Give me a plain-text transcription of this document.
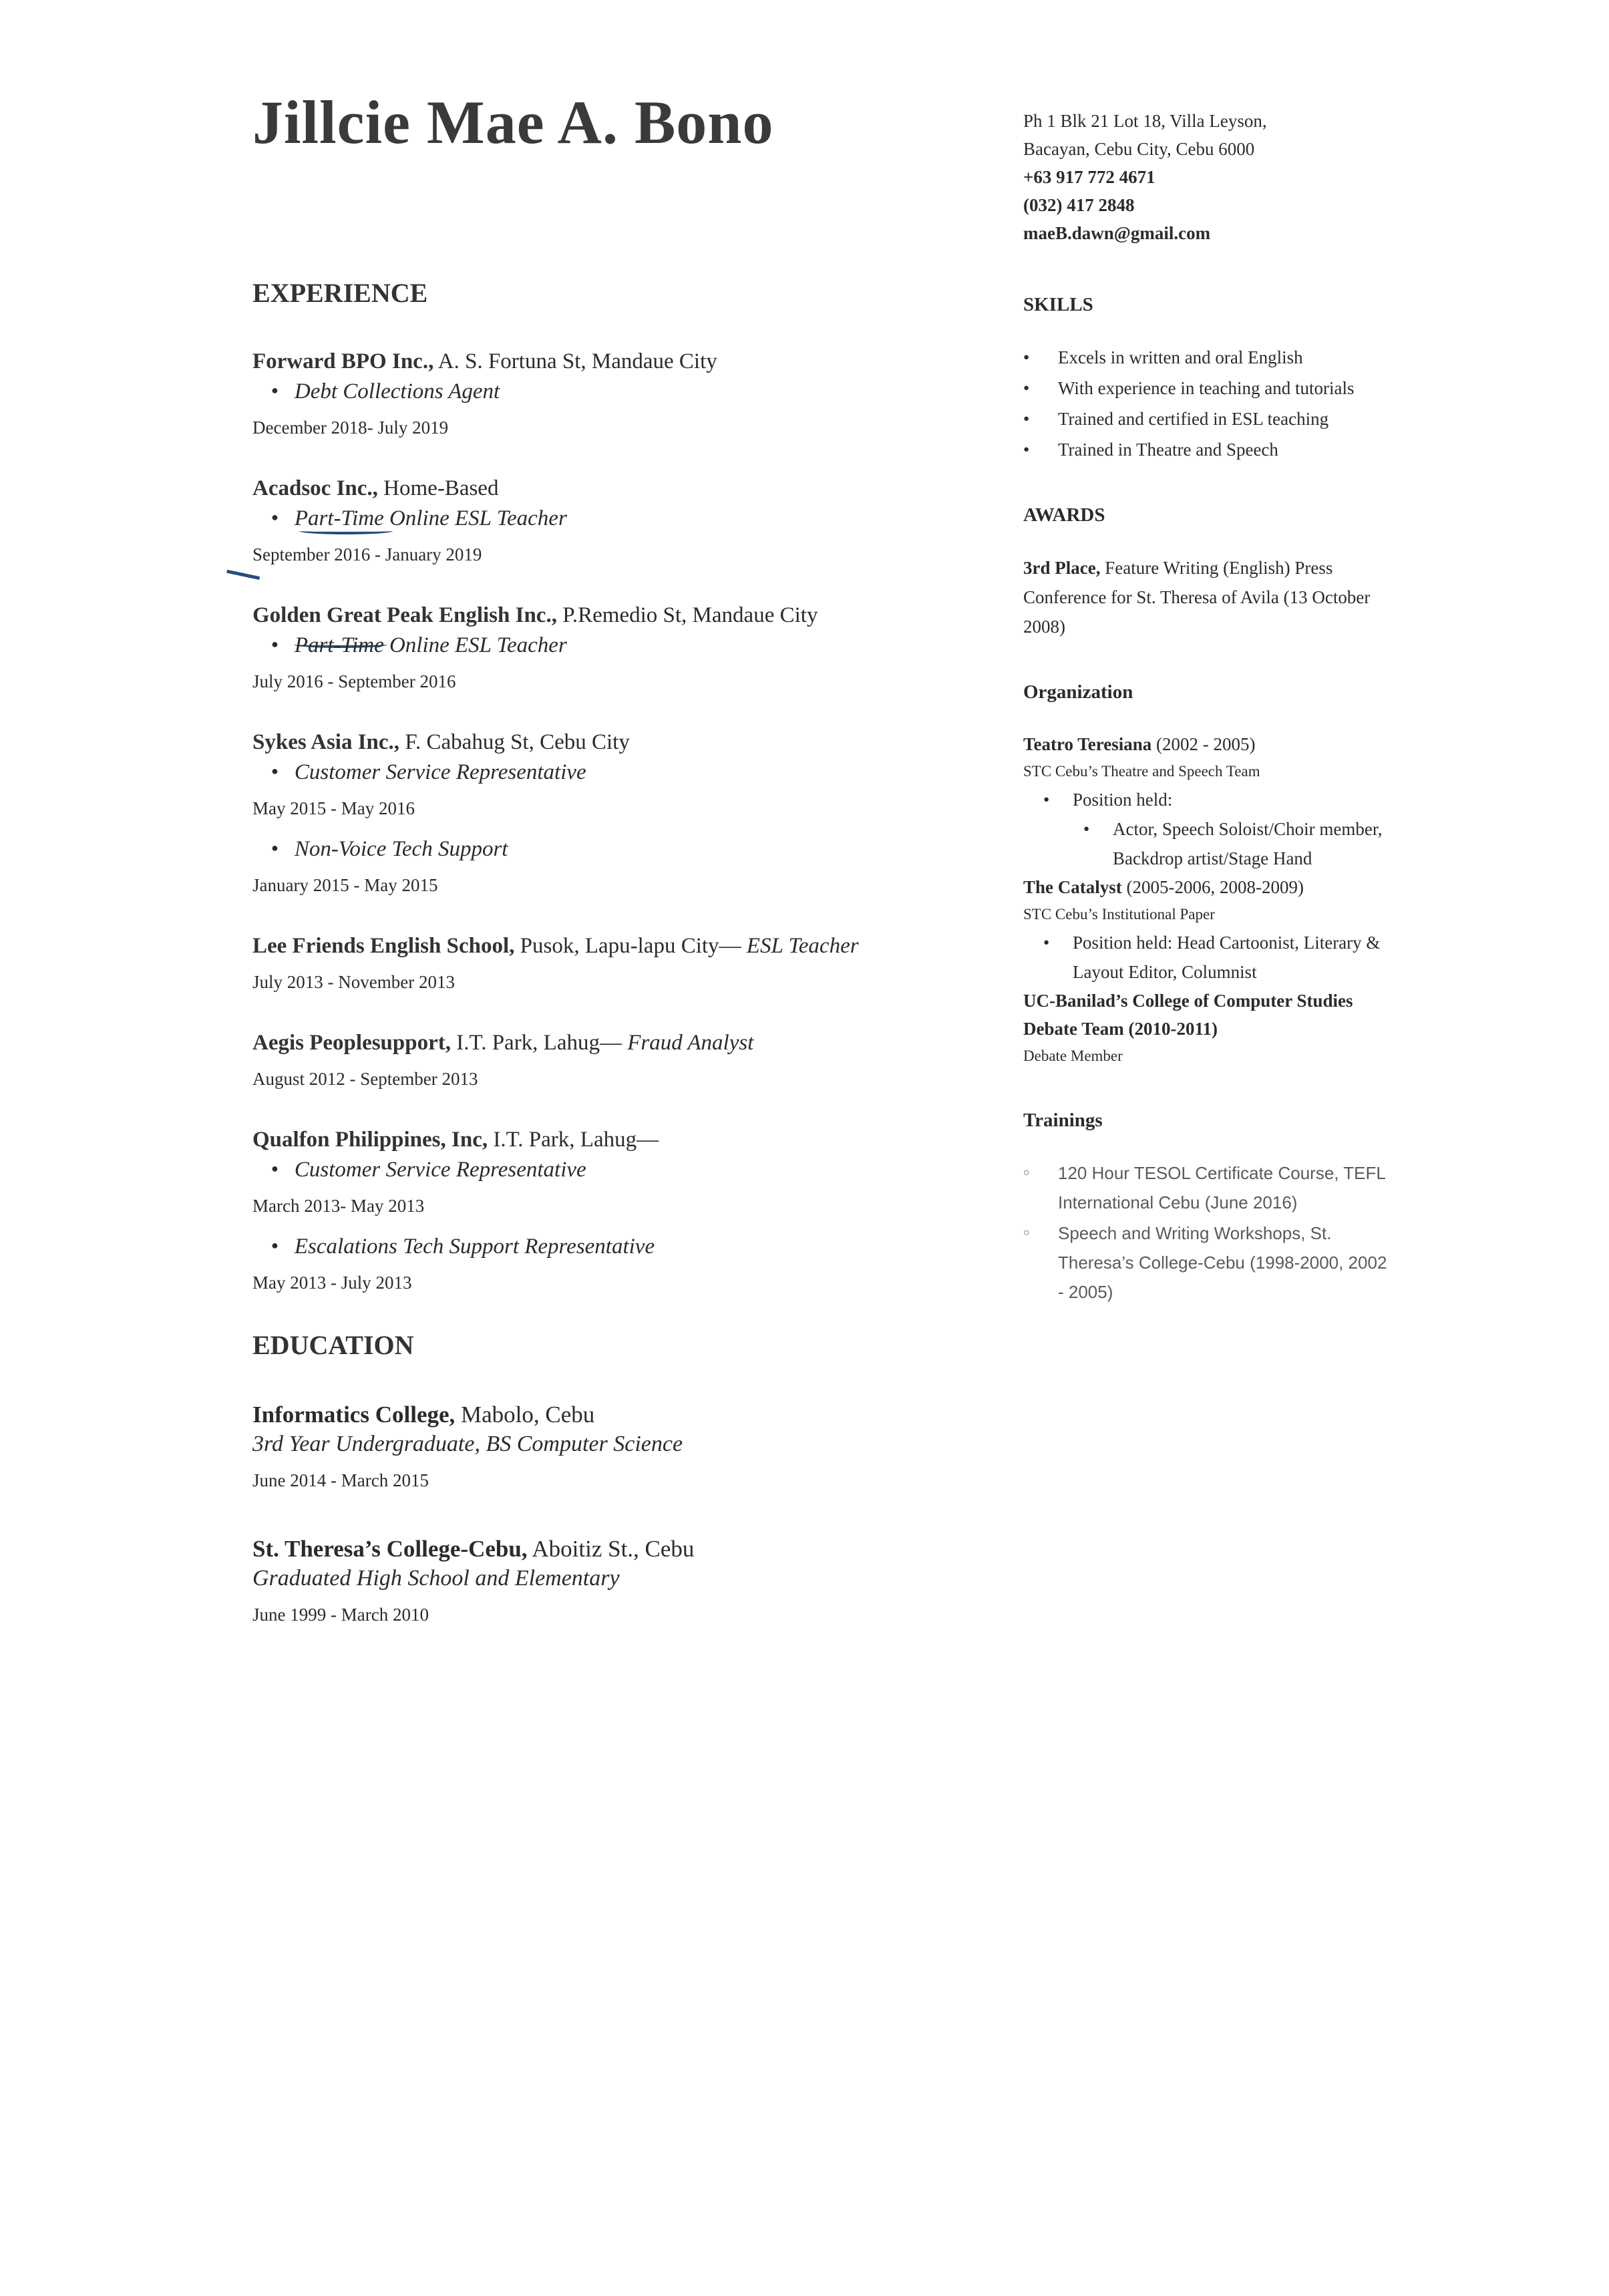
Jillcie Mae A. Bono
EXPERIENCE
Forward BPO Inc., A. S. Fortuna St, Mandaue City
● Debt Collections Agent
December 2018- July 2019
Acadsoc Inc., Home-Based
● Part-Time Online ESL Teacher
September 2016 - January 2019
Golden Great Peak English Inc., P.Remedio St, Mandaue City
● Part-Time Online ESL Teacher
July 2016 - September 2016
Sykes Asia Inc., F. Cabahug St, Cebu City
● Customer Service Representative
May 2015 - May 2016
● Non-Voice Tech Support
January 2015 - May 2015
Lee Friends English School, Pusok, Lapu-lapu City— ESL Teacher
July 2013 - November 2013
Aegis Peoplesupport, I.T. Park, Lahug— Fraud Analyst
August 2012 - September 2013
Qualfon Philippines, Inc, I.T. Park, Lahug—
● Customer Service Representative
March 2013- May 2013
● Escalations Tech Support Representative
May 2013 - July 2013
EDUCATION
Informatics College, Mabolo, Cebu
3rd Year Undergraduate, BS Computer Science
June 2014 - March 2015
St. Theresa’s College-Cebu, Aboitiz St., Cebu
Graduated High School and Elementary
June 1999 - March 2010

Ph 1 Blk 21 Lot 18, Villa Leyson,
Bacayan, Cebu City, Cebu 6000
+63 917 772 4671
(032) 417 2848
maeB.dawn@gmail.com

SKILLS
● Excels in written and oral English
● With experience in teaching and tutorials
● Trained and certified in ESL teaching
● Trained in Theatre and Speech
AWARDS

3rd Place, Feature Writing (English) Press Conference for St. Theresa of Avila (13 October 2008)

Organization
Teatro Teresiana (2002 - 2005)
STC Cebu’s Theatre and Speech Team
● Position held:
● Actor, Speech Soloist/Choir member, Backdrop artist/Stage Hand
The Catalyst (2005-2006, 2008-2009)
STC Cebu’s Institutional Paper
● Position held: Head Cartoonist, Literary & Layout Editor, Columnist
UC-Banilad’s College of Computer Studies Debate Team (2010-2011)
Debate Member
Trainings
○ 120 Hour TESOL Certificate Course, TEFL International Cebu (June 2016)
○ Speech and Writing Workshops, St. Theresa’s College-Cebu (1998-2000, 2002 - 2005)
